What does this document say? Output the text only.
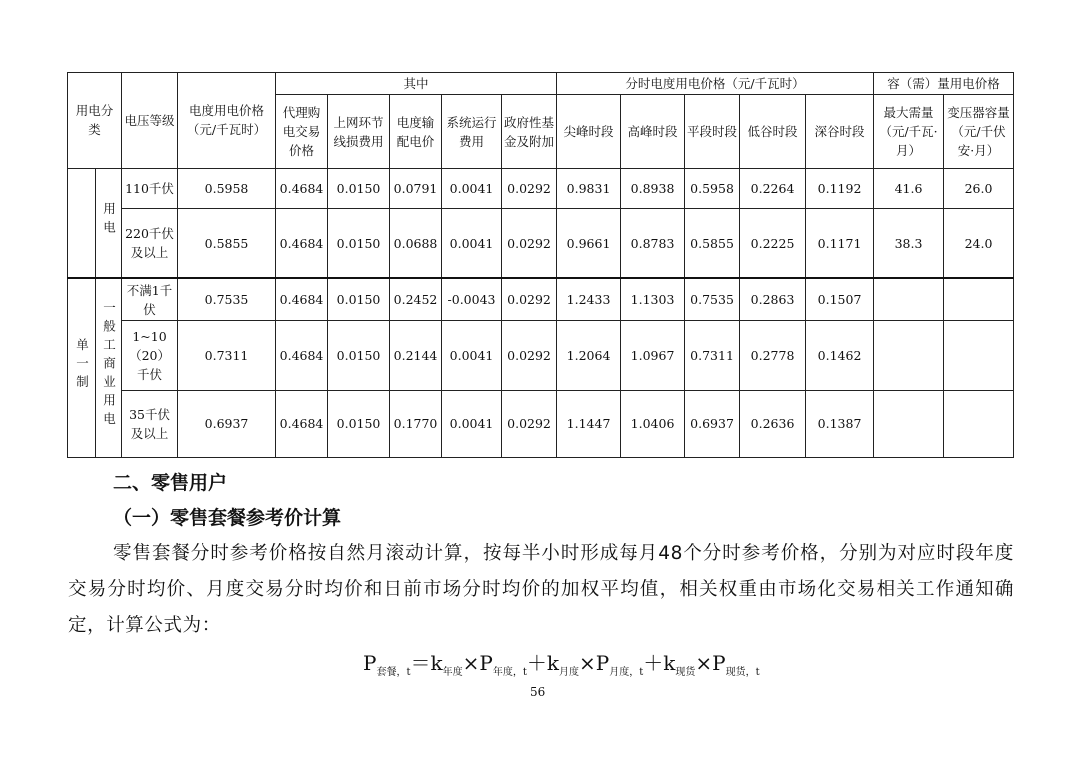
用电分类		电压等级	电度用电价格（元/千瓦时）	其中					分时电度用电价格（元/千瓦时）					容（需）量用电价格	
				代理购电交易价格	上网环节线损费用	电度输配电价	系统运行费用	政府性基金及附加	尖峰时段	高峰时段	平段时段	低谷时段	深谷时段	最大需量（元/千瓦·月）	变压器容量（元/千伏安·月）
	用电	110千伏	0.5958	0.4684	0.0150	0.0791	0.0041	0.0292	0.9831	0.8938	0.5958	0.2264	0.1192	41.6	26.0
		220千伏及以上	0.5855	0.4684	0.0150	0.0688	0.0041	0.0292	0.9661	0.8783	0.5855	0.2225	0.1171	38.3	24.0
单一制	一般工商业用电	不满1千伏	0.7535	0.4684	0.0150	0.2452	-0.0043	0.0292	1.2433	1.1303	0.7535	0.2863	0.1507		
		1~10（20）千伏	0.7311	0.4684	0.0150	0.2144	0.0041	0.0292	1.2064	1.0967	0.7311	0.2778	0.1462		
		35千伏及以上	0.6937	0.4684	0.0150	0.1770	0.0041	0.0292	1.1447	1.0406	0.6937	0.2636	0.1387		
二、零售用户
（一）零售套餐参考价计算
零售套餐分时参考价格按自然月滚动计算，按每半小时形成每月48个分时参考价格，分别为对应时段年度交易分时均价、月度交易分时均价和日前市场分时均价的加权平均值，相关权重由市场化交易相关工作通知确定，计算公式为：
$P_{套餐,t}=k_{年度}\times P_{年度,t}+k_{月度}\times P_{月度,t}+k_{现货}\times P_{现货,t}$
56
